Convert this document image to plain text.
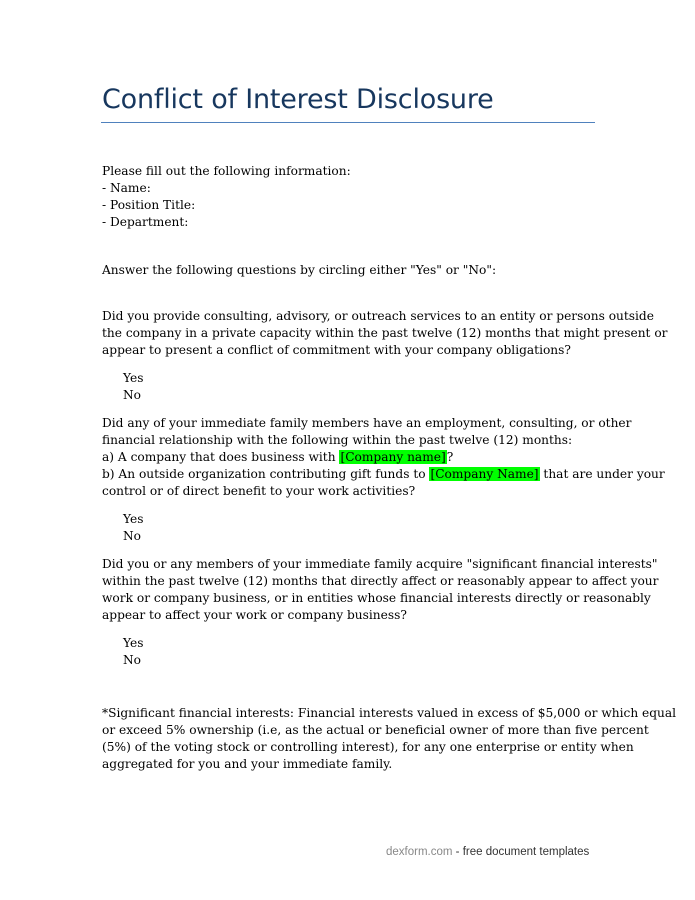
Conflict of Interest Disclosure
Please fill out the following information:
- Name:
- Position Title:
- Department:
Answer the following questions by circling either "Yes" or "No":
Did you provide consulting, advisory, or outreach services to an entity or persons outside
the company in a private capacity within the past twelve (12) months that might present or
appear to present a conflict of commitment with your company obligations?
Yes
No
Did any of your immediate family members have an employment, consulting, or other
financial relationship with the following within the past twelve (12) months:
a) A company that does business with [Company name]?
b) An outside organization contributing gift funds to [Company Name] that are under your
control or of direct benefit to your work activities?
Yes
No
Did you or any members of your immediate family acquire "significant financial interests"
within the past twelve (12) months that directly affect or reasonably appear to affect your
work or company business, or in entities whose financial interests directly or reasonably
appear to affect your work or company business?
Yes
No
*Significant financial interests: Financial interests valued in excess of $5,000 or which equal
or exceed 5% ownership (i.e, as the actual or beneficial owner of more than five percent
(5%) of the voting stock or controlling interest), for any one enterprise or entity when
aggregated for you and your immediate family.
dexform.com - free document templates
